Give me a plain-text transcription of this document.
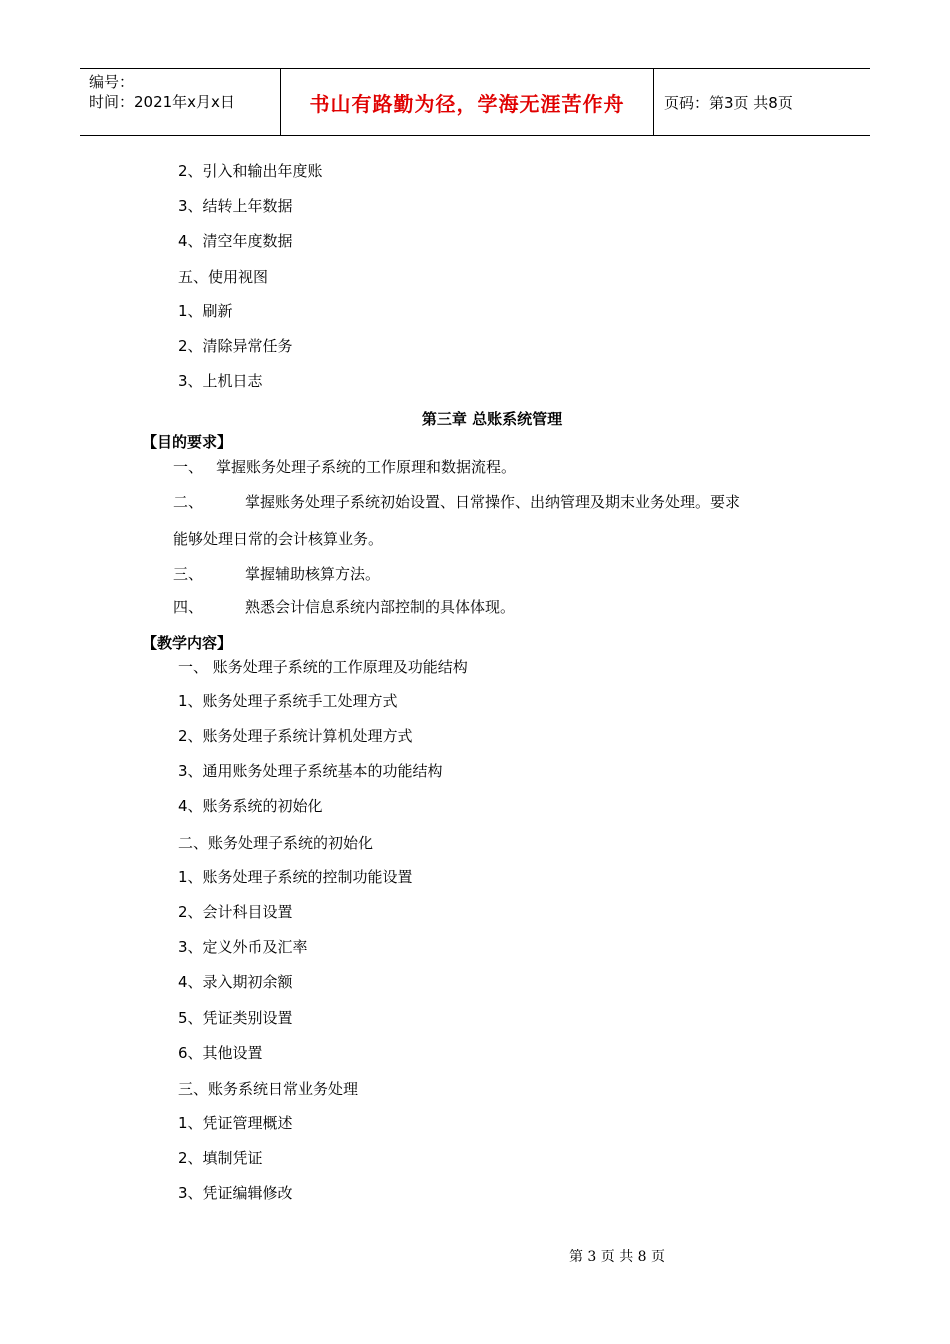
编号：
时间：2021年x月x日	书山有路勤为径，学海无涯苦作舟	页码：第3页 共8页
2、引入和输出年度账
3、结转上年数据
4、清空年度数据
五、使用视图
1、刷新
2、清除异常任务
3、上机日志
第三章 总账系统管理
【目的要求】
一、 掌握账务处理子系统的工作原理和数据流程。
二、	掌握账务处理子系统初始设置、日常操作、出纳管理及期末业务处理。要求
能够处理日常的会计核算业务。
三、	掌握辅助核算方法。
四、	熟悉会计信息系统内部控制的具体体现。
【教学内容】
一、 账务处理子系统的工作原理及功能结构
1、账务处理子系统手工处理方式
2、账务处理子系统计算机处理方式
3、通用账务处理子系统基本的功能结构
4、账务系统的初始化
二、账务处理子系统的初始化
1、账务处理子系统的控制功能设置
2、会计科目设置
3、定义外币及汇率
4、录入期初余额
5、凭证类别设置
6、其他设置
三、账务系统日常业务处理
1、凭证管理概述
2、填制凭证
3、凭证编辑修改
第 3 页 共 8 页
